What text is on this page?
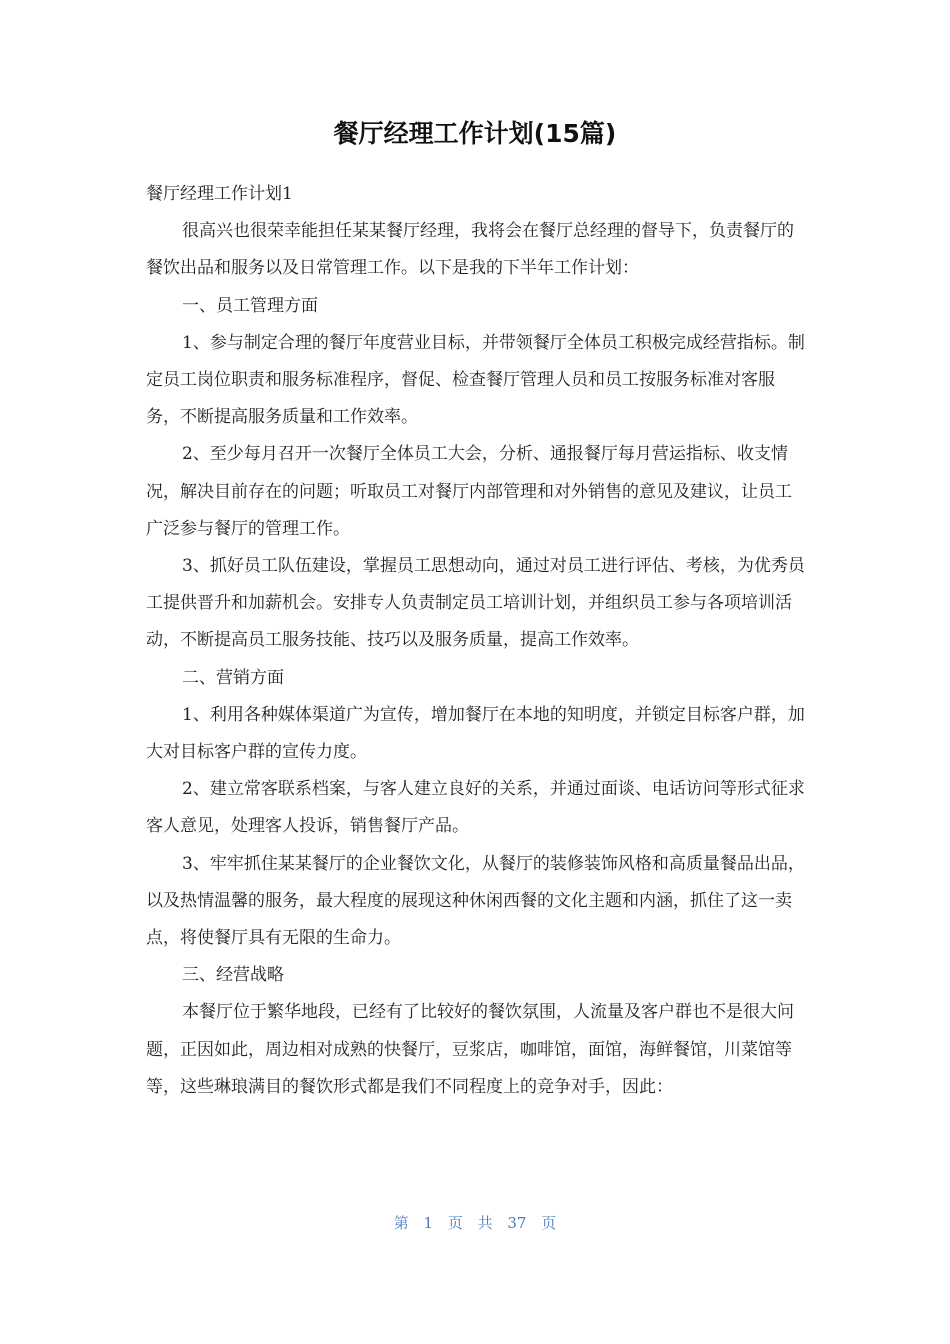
餐厅经理工作计划(15篇)

餐厅经理工作计划1

很高兴也很荣幸能担任某某餐厅经理，我将会在餐厅总经理的督导下，负责餐厅的餐饮出品和服务以及日常管理工作。以下是我的下半年工作计划：

一、员工管理方面

1、参与制定合理的餐厅年度营业目标，并带领餐厅全体员工积极完成经营指标。制定员工岗位职责和服务标准程序，督促、检查餐厅管理人员和员工按服务标准对客服务，不断提高服务质量和工作效率。

2、至少每月召开一次餐厅全体员工大会，分析、通报餐厅每月营运指标、收支情况，解决目前存在的问题；听取员工对餐厅内部管理和对外销售的意见及建议，让员工广泛参与餐厅的管理工作。

3、抓好员工队伍建设，掌握员工思想动向，通过对员工进行评估、考核，为优秀员工提供晋升和加薪机会。安排专人负责制定员工培训计划，并组织员工参与各项培训活动，不断提高员工服务技能、技巧以及服务质量，提高工作效率。

二、营销方面

1、利用各种媒体渠道广为宣传，增加餐厅在本地的知明度，并锁定目标客户群，加大对目标客户群的宣传力度。

2、建立常客联系档案，与客人建立良好的关系，并通过面谈、电话访问等形式征求客人意见，处理客人投诉，销售餐厅产品。

3、牢牢抓住某某餐厅的企业餐饮文化，从餐厅的装修装饰风格和高质量餐品出品，以及热情温馨的服务，最大程度的展现这种休闲西餐的文化主题和内涵，抓住了这一卖点，将使餐厅具有无限的生命力。

三、经营战略

本餐厅位于繁华地段，已经有了比较好的餐饮氛围，人流量及客户群也不是很大问题，正因如此，周边相对成熟的快餐厅，豆浆店，咖啡馆，面馆，海鲜餐馆，川菜馆等等，这些琳琅满目的餐饮形式都是我们不同程度上的竞争对手，因此：

第 1 页 共 37 页
